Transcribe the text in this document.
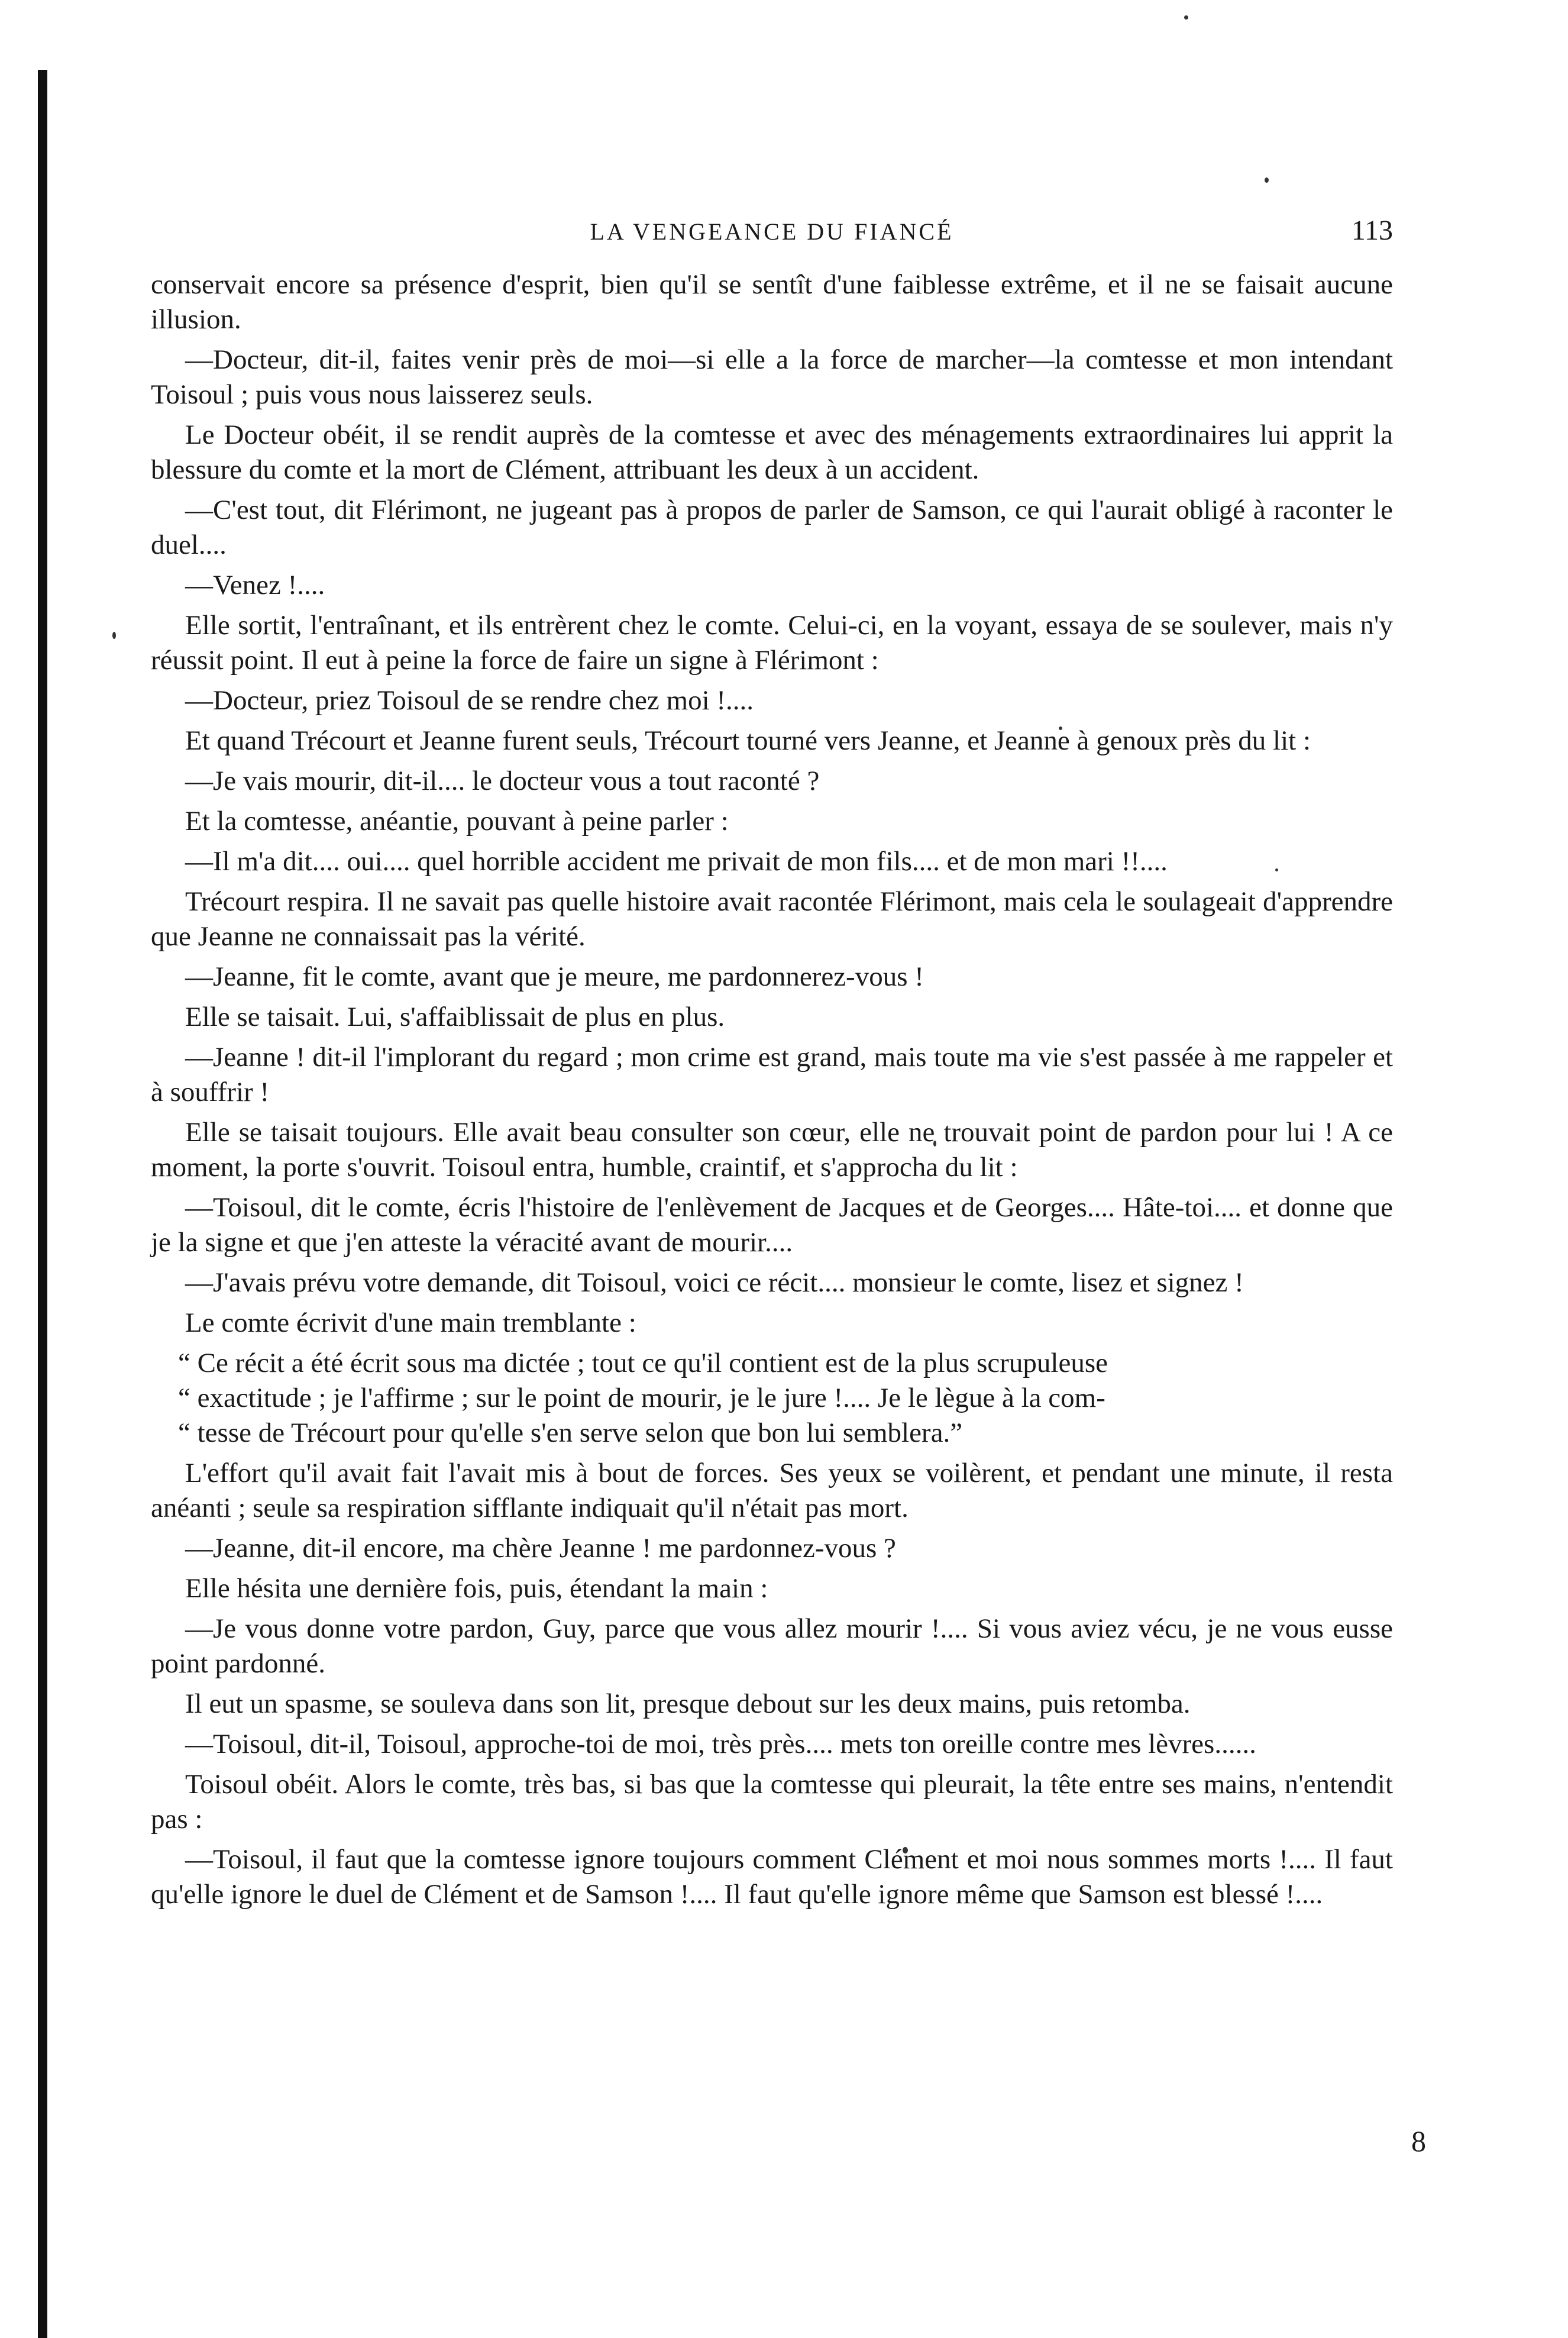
LA VENGEANCE DU FIANCÉ	113

conservait encore sa présence d'esprit, bien qu'il se sentît d'une faiblesse extrême, et il ne se faisait aucune illusion.

—Docteur, dit-il, faites venir près de moi—si elle a la force de marcher—la comtesse et mon intendant Toisoul ; puis vous nous laisserez seuls.

Le Docteur obéit, il se rendit auprès de la comtesse et avec des ménagements extraordinaires lui apprit la blessure du comte et la mort de Clément, attribuant les deux à un accident.

—C'est tout, dit Flérimont, ne jugeant pas à propos de parler de Samson, ce qui l'aurait obligé à raconter le duel....

—Venez !....

Elle sortit, l'entraînant, et ils entrèrent chez le comte. Celui-ci, en la voyant, essaya de se soulever, mais n'y réussit point. Il eut à peine la force de faire un signe à Flérimont :

—Docteur, priez Toisoul de se rendre chez moi !....

Et quand Trécourt et Jeanne furent seuls, Trécourt tourné vers Jeanne, et Jeanne à genoux près du lit :

—Je vais mourir, dit-il.... le docteur vous a tout raconté ?

Et la comtesse, anéantie, pouvant à peine parler :

—Il m'a dit.... oui.... quel horrible accident me privait de mon fils.... et de mon mari !!....

Trécourt respira. Il ne savait pas quelle histoire avait racontée Flérimont, mais cela le soulageait d'apprendre que Jeanne ne connaissait pas la vérité.

—Jeanne, fit le comte, avant que je meure, me pardonnerez-vous !

Elle se taisait. Lui, s'affaiblissait de plus en plus.

—Jeanne ! dit-il l'implorant du regard ; mon crime est grand, mais toute ma vie s'est passée à me rappeler et à souffrir !

Elle se taisait toujours. Elle avait beau consulter son cœur, elle ne trouvait point de pardon pour lui ! A ce moment, la porte s'ouvrit. Toisoul entra, humble, craintif, et s'approcha du lit :

—Toisoul, dit le comte, écris l'histoire de l'enlèvement de Jacques et de Georges.... Hâte-toi.... et donne que je la signe et que j'en atteste la véracité avant de mourir....

—J'avais prévu votre demande, dit Toisoul, voici ce récit.... monsieur le comte, lisez et signez !

Le comte écrivit d'une main tremblante :

“ Ce récit a été écrit sous ma dictée ; tout ce qu'il contient est de la plus scrupuleuse

“ exactitude ; je l'affirme ; sur le point de mourir, je le jure !.... Je le lègue à la com-

“ tesse de Trécourt pour qu'elle s'en serve selon que bon lui semblera.”

L'effort qu'il avait fait l'avait mis à bout de forces. Ses yeux se voilèrent, et pendant une minute, il resta anéanti ; seule sa respiration sifflante indiquait qu'il n'était pas mort.

—Jeanne, dit-il encore, ma chère Jeanne ! me pardonnez-vous ?

Elle hésita une dernière fois, puis, étendant la main :

—Je vous donne votre pardon, Guy, parce que vous allez mourir !.... Si vous aviez vécu, je ne vous eusse point pardonné.

Il eut un spasme, se souleva dans son lit, presque debout sur les deux mains, puis retomba.

—Toisoul, dit-il, Toisoul, approche-toi de moi, très près.... mets ton oreille contre mes lèvres......

Toisoul obéit. Alors le comte, très bas, si bas que la comtesse qui pleurait, la tête entre ses mains, n'entendit pas :

—Toisoul, il faut que la comtesse ignore toujours comment Clément et moi nous sommes morts !.... Il faut qu'elle ignore le duel de Clément et de Samson !.... Il faut qu'elle ignore même que Samson est blessé !....

8
